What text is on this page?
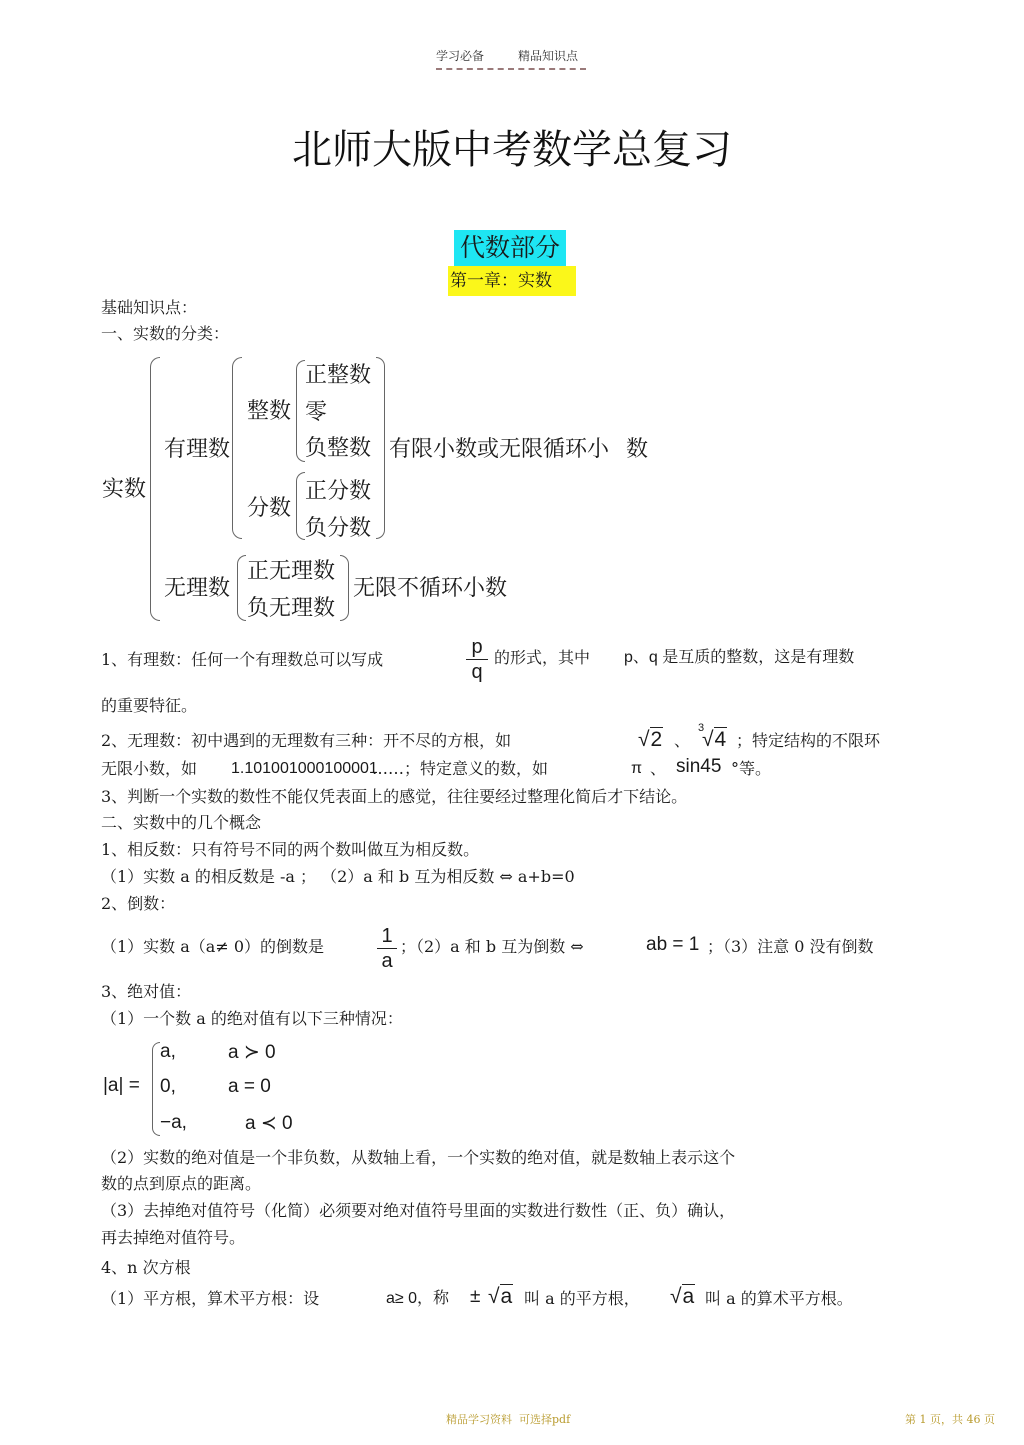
学习必备	精品知识点
北师大版中考数学总复习
代数部分
第一章：实数
基础知识点：
一、实数的分类：
实数
有理数
整数
正整数
零
负整数
分数
正分数
负分数
有限小数或无限循环小 数
无理数
正无理数
负无理数
无限不循环小数
1、有理数：任何一个有理数总可以写成
p
q
的形式，其中 p、q 是互质的整数，这是有理数
的重要特征。
2、无理数：初中遇到的无理数有三种：开不尽的方根，如	√2 、
3
√4 ；特定结构的不限环
无限小数，如 1.101001000100001
……；特定意义的数，如	π 、 sin45 °等。
3、判断一个实数的数性不能仅凭表面上的感觉，往往要经过整理化简后才下结论。
二、实数中的几个概念
1、相反数：只有符号不同的两个数叫做互为相反数。
（1）实数 a 的相反数是 -a ； （2）a 和 b 互为相反数 ⇔ a+b=0
2、倒数：
（1）实数 a（a≠ 0）的倒数是	1
a
；（2）a 和 b 互为倒数 ⇔	ab = 1 ；（3）注意 0 没有倒数
3、绝对值：
（1）一个数 a 的绝对值有以下三种情况：
|a| =
a,	a ≻ 0
0,	a = 0
−a,	a ≺ 0
（2）实数的绝对值是一个非负数，从数轴上看，一个实数的绝对值，就是数轴上表示这个
数的点到原点的距离。
（3）去掉绝对值符号（化简）必须要对绝对值符号里面的实数进行数性（正、负）确认，
再去掉绝对值符号。
4、n 次方根
（1）平方根，算术平方根：设	a≥ 0，称 ± √a 叫 a 的平方根， √a 叫 a 的算术平方根。
精品学习资料 可选择pdf	第 1 页，共 46 页
